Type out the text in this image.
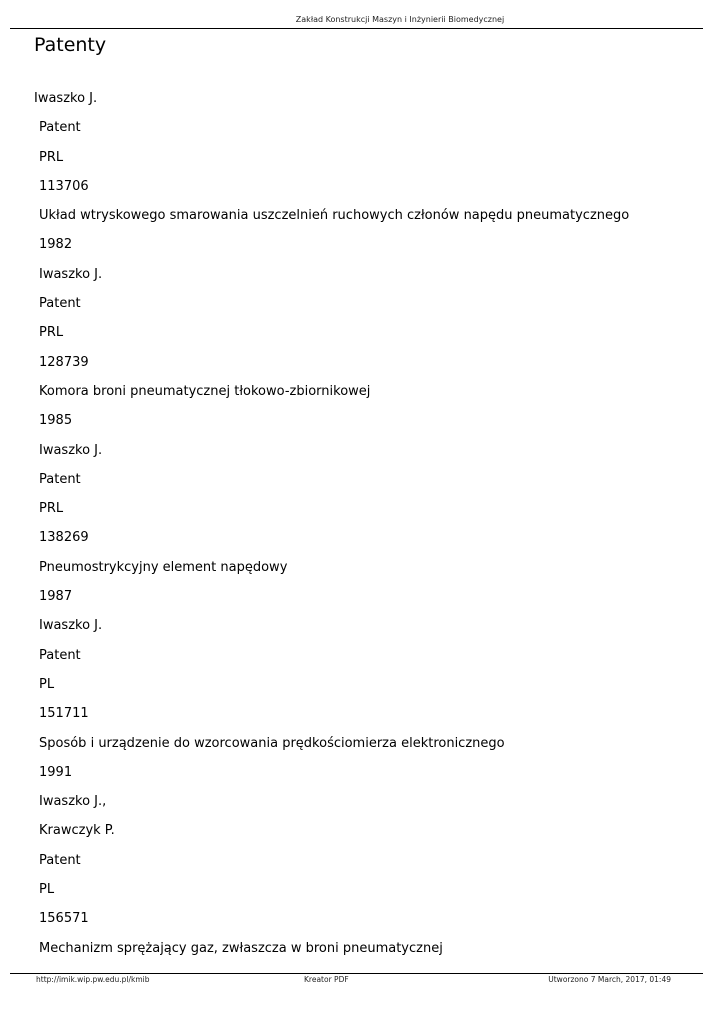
Zakład Konstrukcji Maszyn i Inżynierii Biomedycznej
Patenty
Iwaszko J.
Patent
PRL
113706
Układ wtryskowego smarowania uszczelnień ruchowych członów napędu pneumatycznego
1982
Iwaszko J.
Patent
PRL
128739
Komora broni pneumatycznej tłokowo-zbiornikowej
1985
Iwaszko J.
Patent
PRL
138269
Pneumostrykcyjny element napędowy
1987
Iwaszko J.
Patent
PL
151711
Sposób i urządzenie do wzorcowania prędkościomierza elektronicznego
1991
Iwaszko J.,
Krawczyk P.
Patent
PL
156571
Mechanizm sprężający gaz, zwłaszcza w broni pneumatycznej
http://imik.wip.pw.edu.pl/kmib	Kreator PDF	Utworzono 7 March, 2017, 01:49
